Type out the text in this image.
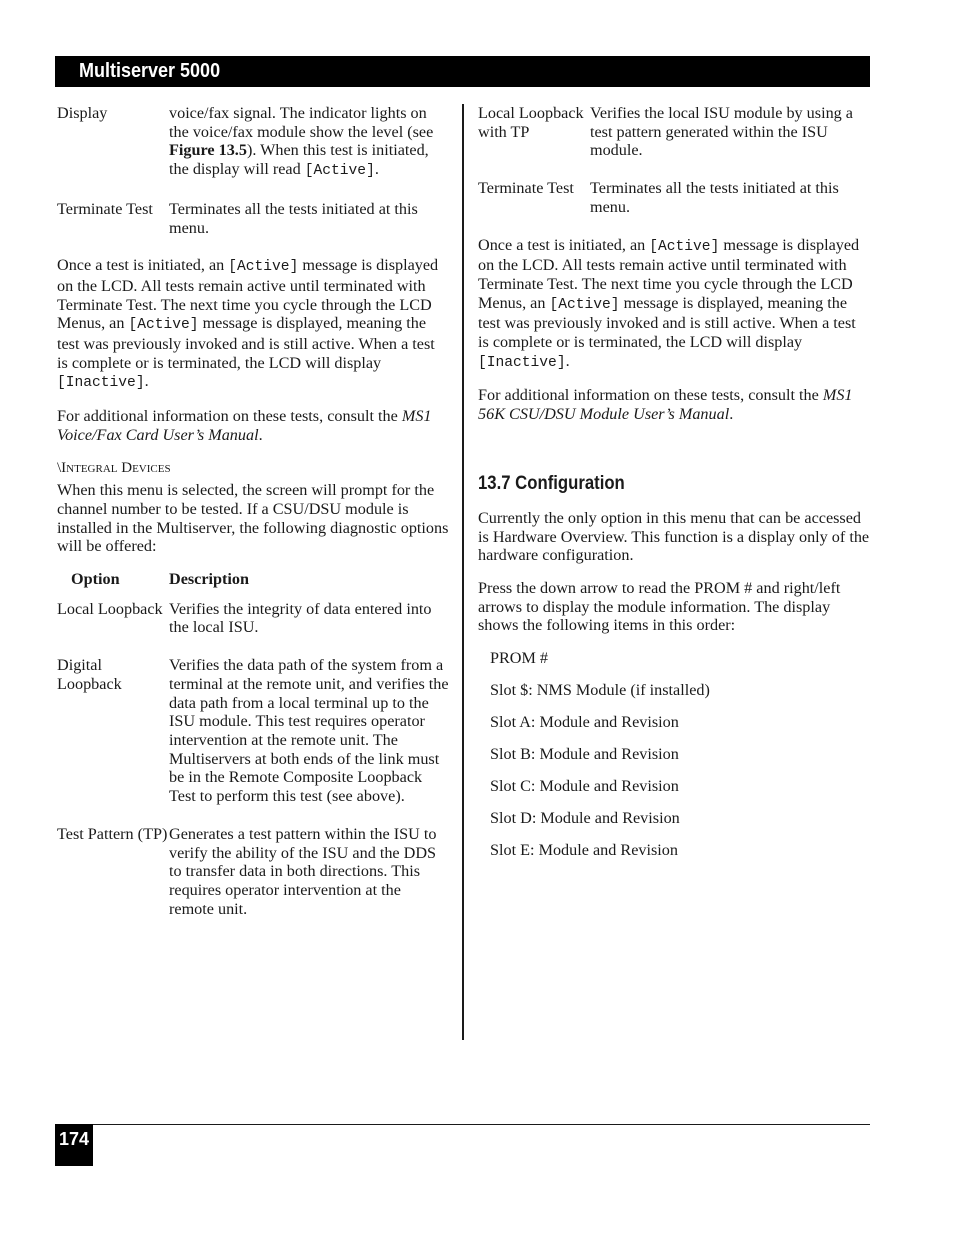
Multiserver 5000
Display	voice/fax signal. The indicator lights on the voice/fax module show the level (see Figure 13.5). When this test is initiated, the display will read [Active].
Terminate Test Terminates all the tests initiated at this menu.

Once a test is initiated, an [Active] message is displayed on the LCD. All tests remain active until terminated with Terminate Test. The next time you cycle through the LCD Menus, an [Active] message is displayed, meaning the test was previously invoked and is still active. When a test is complete or is terminated, the LCD will display [Inactive].

For additional information on these tests, consult the MS1 Voice/Fax Card User’s Manual.

\Integral Devices

When this menu is selected, the screen will prompt for the channel number to be tested. If a CSU/DSU module is installed in the Multiserver, the following diagnostic options will be offered:

Option	Description
Local Loopback Verifies the integrity of data entered into the local ISU.
Digital Loopback
Verifies the data path of the system from a terminal at the remote unit, and verifies the data path from a local terminal up to the ISU module. This test requires operator intervention at the remote unit. The Multiservers at both ends of the link must be in the Remote Composite Loopback Test to perform this test (see above).
Test Pattern (TP) Generates a test pattern within the ISU to verify the ability of the ISU and the DDS to transfer data in both directions. This requires operator intervention at the remote unit.
Local Loopback with TP
Verifies the local ISU module by using a test pattern generated within the ISU module.
Terminate Test Terminates all the tests initiated at this menu.

Once a test is initiated, an [Active] message is displayed on the LCD. All tests remain active until terminated with Terminate Test. The next time you cycle through the LCD Menus, an [Active] message is displayed, meaning the test was previously invoked and is still active. When a test is complete or is terminated, the LCD will display [Inactive].

For additional information on these tests, consult the MS1 56K CSU/DSU Module User’s Manual.

13.7 Configuration

Currently the only option in this menu that can be accessed is Hardware Overview. This function is a display only of the hardware configuration.

Press the down arrow to read the PROM # and right/left arrows to display the module information. The display shows the following items in this order:

PROM #
Slot $: NMS Module (if installed)
Slot A: Module and Revision
Slot B: Module and Revision
Slot C: Module and Revision
Slot D: Module and Revision
Slot E: Module and Revision
174
